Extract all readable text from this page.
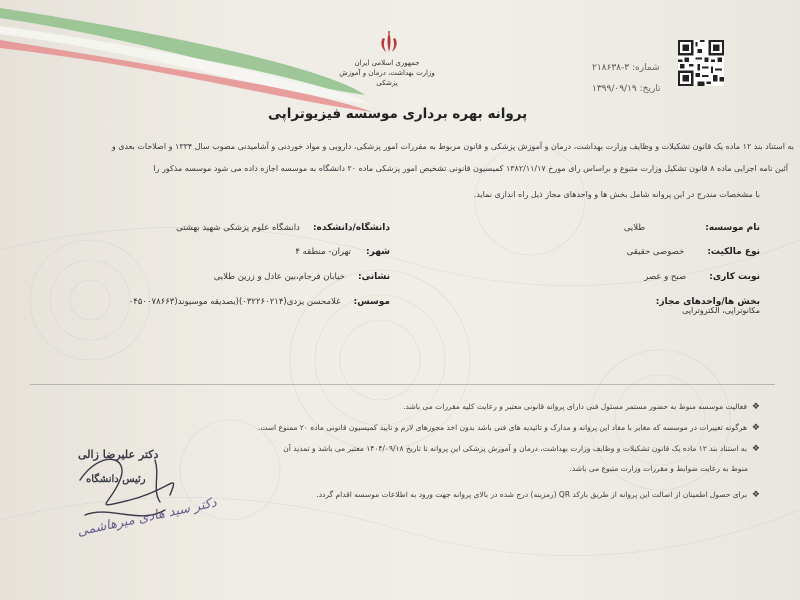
جمهوری اسلامی ایران
وزارت بهداشت، درمان و آموزش پزشکی
شماره: ۳-۲۱۸۶۳۸
تاریخ: ۱۳۹۹/۰۹/۱۹
پروانه بهره برداری موسسه فیزیوتراپی
به استناد بند ۱۲ ماده یک قانون تشکیلات و وظایف وزارت بهداشت، درمان و آموزش پزشکی و قانون مربوط به مقررات امور پزشکی، دارویی و مواد خوردنی و آشامیدنی مصوب سال ۱۳۳۴ و اصلاحات بعدی و
آئین نامه اجرایی ماده ۸ قانون تشکیل وزارت متبوع و براساس رای مورخ ۱۳۸۲/۱۱/۱۷ کمیسیون قانونی تشخیص امور پزشکی ماده ۲۰ دانشگاه به موسسه اجازه داده می شود موسسه مذکور را
با مشخصات مندرج در این پروانه شامل بخش ها و واحدهای مجاز ذیل راه اندازی نماید.
نام موسسه: طلایی
نوع مالکیت: خصوصی حقیقی
نوبت کاری: صبح و عصر
بخش ها/واحدهای مجاز:
مکانوتراپی، الکتروتراپی
دانشگاه/دانشکده: دانشگاه علوم پزشکی شهید بهشتی
شهر: تهران- منطقه ۴
نشانی: خیابان فرجام،بین عادل و زرین طلایی
موسس: غلامحسن یزدی(۰۳۲۲۶۰۲۱۴)(بصدیقه موسیوند(۰۴۵۰۰۷۸۶۶۳
❖فعالیت موسسه منوط به حضور مستمر مسئول فنی دارای پروانه قانونی معتبر و رعایت کلیه مقررات می باشد.
❖هرگونه تغییرات در موسسه که مغایر با مفاد این پروانه و مدارک و تائیدیه های فنی باشد بدون اخذ مجوزهای لازم و تایید کمیسیون قانونی ماده ۲۰ ممنوع است.
❖به استناد بند ۱۲ ماده یک قانون تشکیلات و وظایف وزارت بهداشت، درمان و آموزش پزشکی این پروانه تا تاریخ ۱۴۰۴/۰۹/۱۸ معتبر می باشد و تمدید آن
منوط به رعایت ضوابط و مقررات وزارت متبوع می باشد.
❖برای حصول اطمینان از اصالت این پروانه از طریق بارکد QR (رمزینه) درج شده در بالای پروانه جهت ورود به اطلاعات موسسه اقدام گردد.
دکتر علیرضا زالی
رئیس دانشگاه
دکتر سید هادی میرهاشمی
